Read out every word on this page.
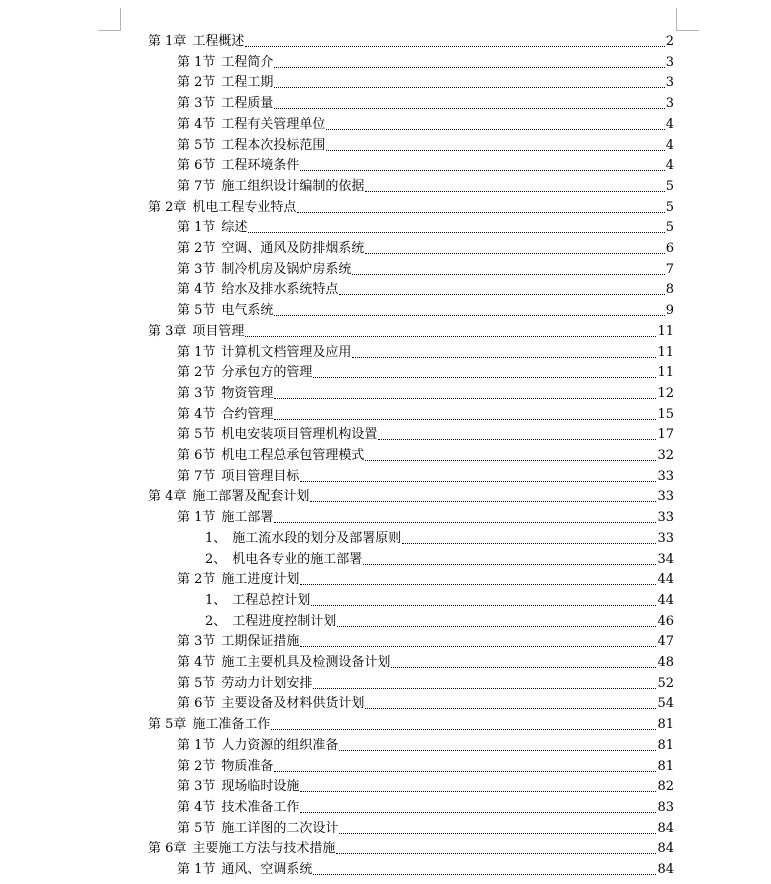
第 1章 工程概述	2
第 1节 工程简介	3
第 2节 工程工期	3
第 3节 工程质量	3
第 4节 工程有关管理单位	4
第 5节 工程本次投标范围	4
第 6节 工程环境条件	4
第 7节 施工组织设计编制的依据	5
第 2章 机电工程专业特点	5
第 1节 综述	5
第 2节 空调、通风及防排烟系统	6
第 3节 制冷机房及锅炉房系统	7
第 4节 给水及排水系统特点	8
第 5节 电气系统	9
第 3章 项目管理	11
第 1节 计算机文档管理及应用	11
第 2节 分承包方的管理	11
第 3节 物资管理	12
第 4节 合约管理	15
第 5节 机电安装项目管理机构设置	17
第 6节 机电工程总承包管理模式	32
第 7节 项目管理目标	33
第 4章 施工部署及配套计划	33
第 1节 施工部署	33
1、 施工流水段的划分及部署原则	33
2、 机电各专业的施工部署	34
第 2节 施工进度计划	44
1、 工程总控计划	44
2、 工程进度控制计划	46
第 3节 工期保证措施	47
第 4节 施工主要机具及检测设备计划	48
第 5节 劳动力计划安排	52
第 6节 主要设备及材料供货计划	54
第 5章 施工准备工作	81
第 1节 人力资源的组织准备	81
第 2节 物质准备	81
第 3节 现场临时设施	82
第 4节 技术准备工作	83
第 5节 施工详图的二次设计	84
第 6章 主要施工方法与技术措施	84
第 1节 通风、空调系统	84
